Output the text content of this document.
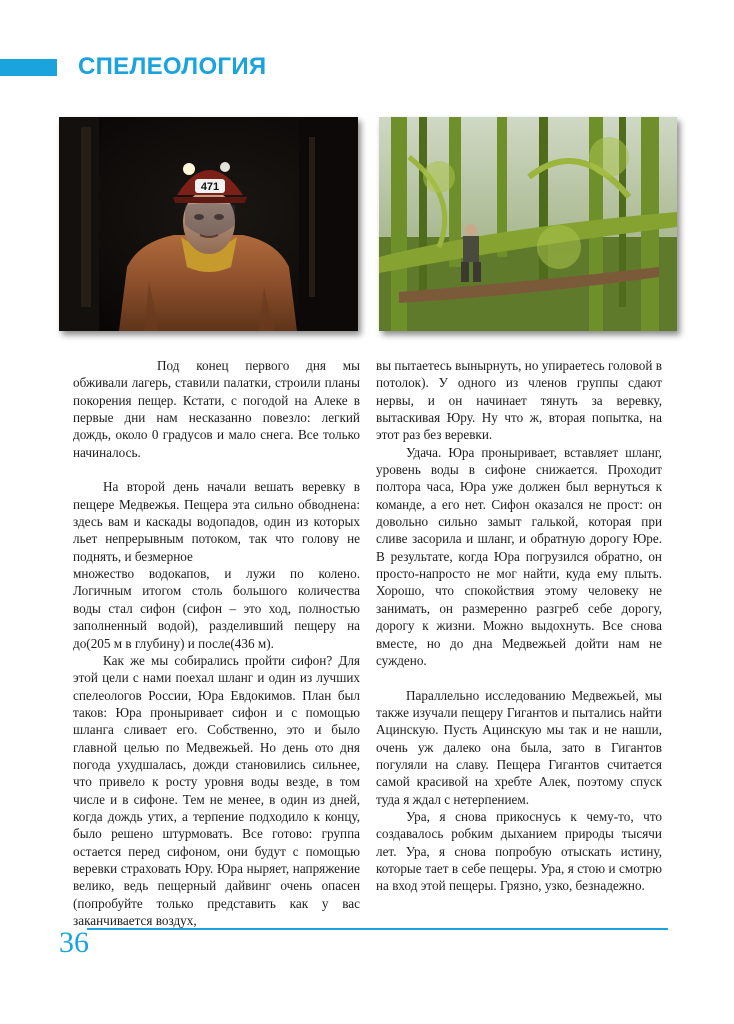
СПЕЛЕОЛОГИЯ
471

Под конец первого дня мы обживали лагерь, ставили палатки, строили планы покорения пещер. Кстати, с погодой на Алеке в первые дни нам несказанно повезло: легкий дождь, около 0 градусов и мало снега. Все только начиналось.

На второй день начали вешать веревку в пещере Медвежья. Пещера эта сильно обводнена: здесь вам и каскады водопадов, один из которых льет непрерывным потоком, так что голову не поднять, и безмерное

множество водокапов, и лужи по колено. Логичным итогом столь большого количества воды стал сифон (сифон – это ход, полностью заполненный водой), разделивший пещеру на до(205 м в глубину) и после(436 м).

Как же мы собирались пройти сифон? Для этой цели с нами поехал шланг и один из лучших спелеологов России, Юра Евдокимов. План был таков: Юра проныривает сифон и с помощью шланга сливает его. Собственно, это и было главной целью по Медвежьей. Но день ото дня погода ухудшалась, дожди становились сильнее, что привело к росту уровня воды везде, в том числе и в сифоне. Тем не менее, в один из дней, когда дождь утих, а терпение подходило к концу, было решено штурмовать. Все готово: группа остается перед сифоном, они будут с помощью веревки страховать Юру. Юра ныряет, напряжение велико, ведь пещерный дайвинг очень опасен (попробуйте только представить как у вас заканчивается воздух,

вы пытаетесь вынырнуть, но упираетесь головой в потолок). У одного из членов группы сдают нервы, и он начинает тянуть за веревку, вытаскивая Юру. Ну что ж, вторая попытка, на этот раз без веревки.

Удача. Юра проныривает, вставляет шланг, уровень воды в сифоне снижается. Проходит полтора часа, Юра уже должен был вернуться к команде, а его нет. Сифон оказался не прост: он довольно сильно замыт галькой, которая при сливе засорила и шланг, и обратную дорогу Юре. В результате, когда Юра погрузился обратно, он просто-напросто не мог найти, куда ему плыть. Хорошо, что спокойствия этому человеку не занимать, он размеренно разгреб себе дорогу, дорогу к жизни. Можно выдохнуть. Все снова вместе, но до дна Медвежьей дойти нам не суждено.

Параллельно исследованию Медвежьей, мы также изучали пещеру Гигантов и пытались найти Ацинскую. Пусть Ацинскую мы так и не нашли, очень уж далеко она была, зато в Гигантов погуляли на славу. Пещера Гигантов считается самой красивой на хребте Алек, поэтому спуск туда я ждал с нетерпением.

Ура, я снова прикоснусь к чему-то, что создавалось робким дыханием природы тысячи лет. Ура, я снова попробую отыскать истину, которые тает в себе пещеры. Ура, я стою и смотрю на вход этой пещеры. Грязно, узко, безнадежно.

36
